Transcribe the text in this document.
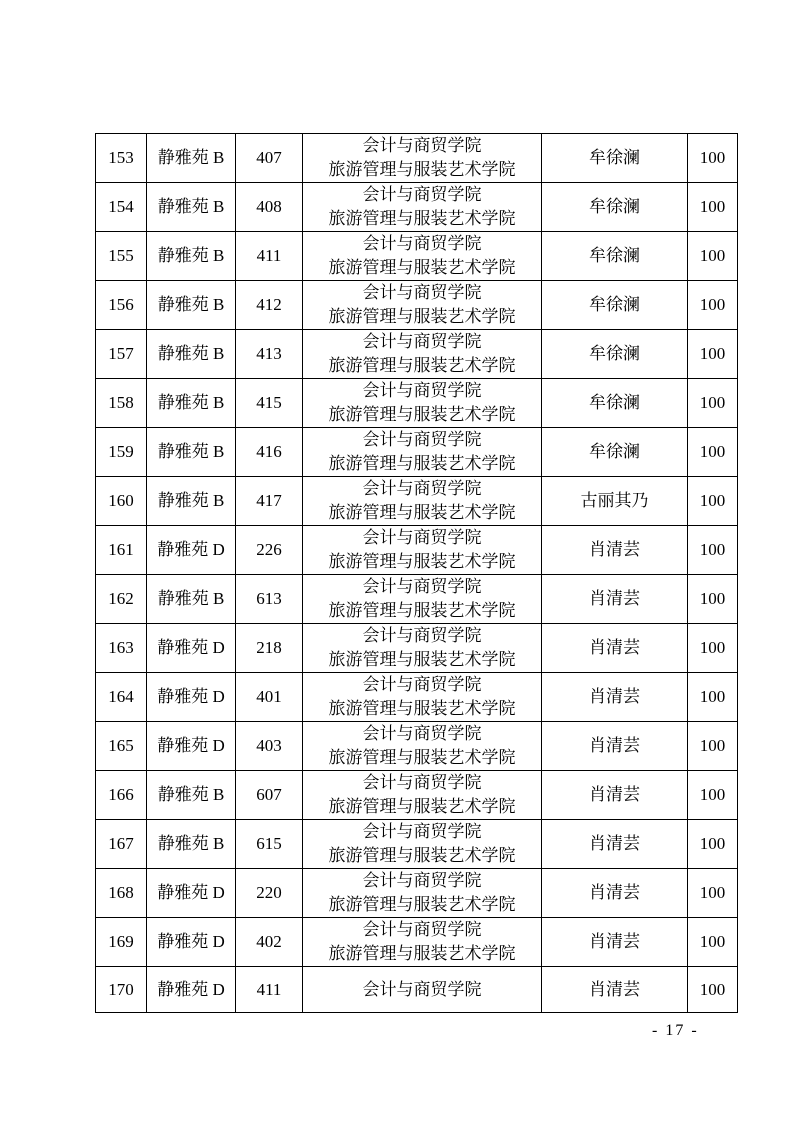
153	静雅苑 B	407	会计与商贸学院
旅游管理与服装艺术学院	牟徐澜	100
154	静雅苑 B	408	会计与商贸学院
旅游管理与服装艺术学院	牟徐澜	100
155	静雅苑 B	411	会计与商贸学院
旅游管理与服装艺术学院	牟徐澜	100
156	静雅苑 B	412	会计与商贸学院
旅游管理与服装艺术学院	牟徐澜	100
157	静雅苑 B	413	会计与商贸学院
旅游管理与服装艺术学院	牟徐澜	100
158	静雅苑 B	415	会计与商贸学院
旅游管理与服装艺术学院	牟徐澜	100
159	静雅苑 B	416	会计与商贸学院
旅游管理与服装艺术学院	牟徐澜	100
160	静雅苑 B	417	会计与商贸学院
旅游管理与服装艺术学院	古丽其乃	100
161	静雅苑 D	226	会计与商贸学院
旅游管理与服装艺术学院	肖清芸	100
162	静雅苑 B	613	会计与商贸学院
旅游管理与服装艺术学院	肖清芸	100
163	静雅苑 D	218	会计与商贸学院
旅游管理与服装艺术学院	肖清芸	100
164	静雅苑 D	401	会计与商贸学院
旅游管理与服装艺术学院	肖清芸	100
165	静雅苑 D	403	会计与商贸学院
旅游管理与服装艺术学院	肖清芸	100
166	静雅苑 B	607	会计与商贸学院
旅游管理与服装艺术学院	肖清芸	100
167	静雅苑 B	615	会计与商贸学院
旅游管理与服装艺术学院	肖清芸	100
168	静雅苑 D	220	会计与商贸学院
旅游管理与服装艺术学院	肖清芸	100
169	静雅苑 D	402	会计与商贸学院
旅游管理与服装艺术学院	肖清芸	100
170	静雅苑 D	411	会计与商贸学院	肖清芸	100
- 17 -
